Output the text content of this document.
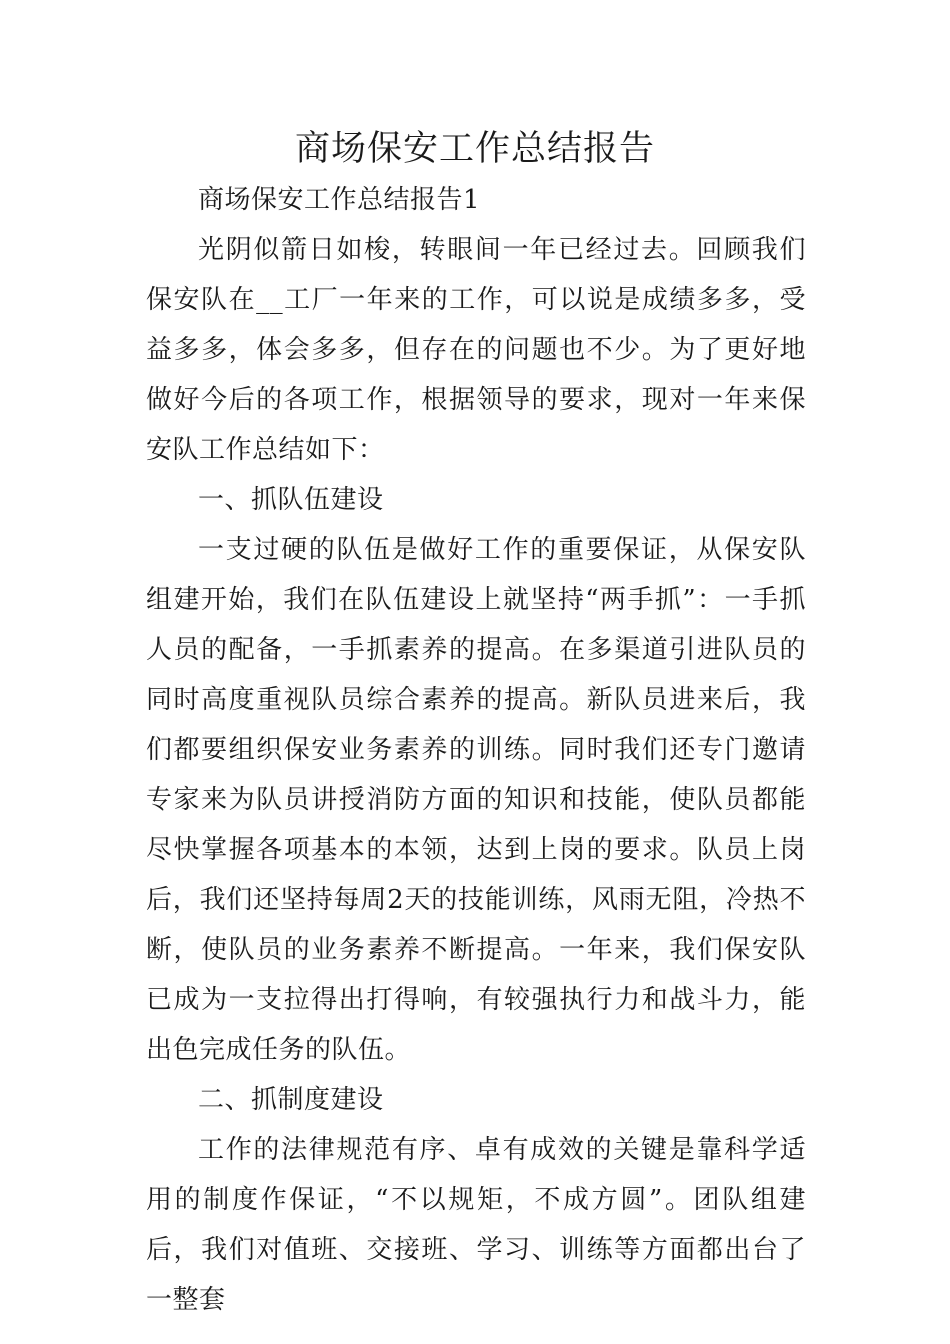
商场保安工作总结报告

商场保安工作总结报告1

光阴似箭日如梭，转眼间一年已经过去。回顾我们保安队在__工厂一年来的工作，可以说是成绩多多，受益多多，体会多多，但存在的问题也不少。为了更好地做好今后的各项工作，根据领导的要求，现对一年来保安队工作总结如下：

一、抓队伍建设

一支过硬的队伍是做好工作的重要保证，从保安队组建开始，我们在队伍建设上就坚持“两手抓”：一手抓人员的配备，一手抓素养的提高。在多渠道引进队员的同时高度重视队员综合素养的提高。新队员进来后，我们都要组织保安业务素养的训练。同时我们还专门邀请专家来为队员讲授消防方面的知识和技能，使队员都能尽快掌握各项基本的本领，达到上岗的要求。队员上岗后，我们还坚持每周2天的技能训练，风雨无阻，冷热不断，使队员的业务素养不断提高。一年来，我们保安队已成为一支拉得出打得响，有较强执行力和战斗力，能出色完成任务的队伍。

二、抓制度建设

工作的法律规范有序、卓有成效的关键是靠科学适用的制度作保证，“不以规矩，不成方圆”。团队组建后，我们对值班、交接班、学习、训练等方面都出台了一整套
